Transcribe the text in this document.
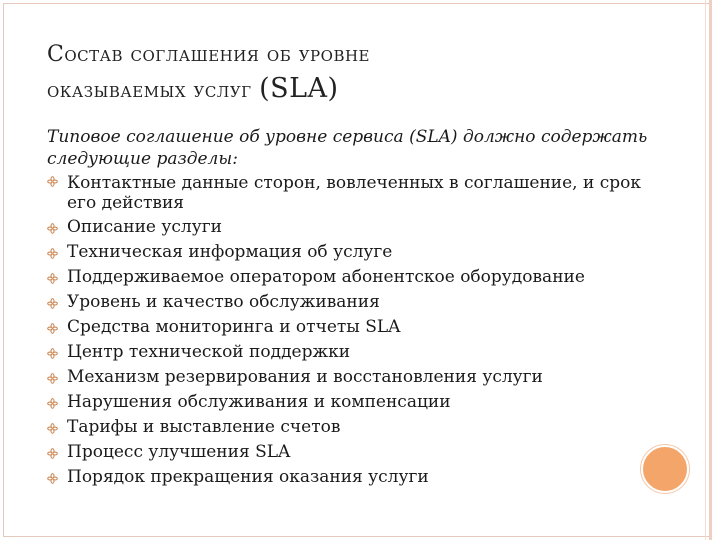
Состав соглашения об уровне
оказываемых услуг (SLA)
Типовое соглашение об уровне сервиса (SLA) должно содержать следующие разделы:
Контактные данные сторон, вовлеченных в соглашение, и срок его действия
Описание услуги
Техническая информация об услуге
Поддерживаемое оператором абонентское оборудование
Уровень и качество обслуживания
Средства мониторинга и отчеты SLA
Центр технической поддержки
Механизм резервирования и восстановления услуги
Нарушения обслуживания и компенсации
Тарифы и выставление счетов
Процесс улучшения SLA
Порядок прекращения оказания услуги
